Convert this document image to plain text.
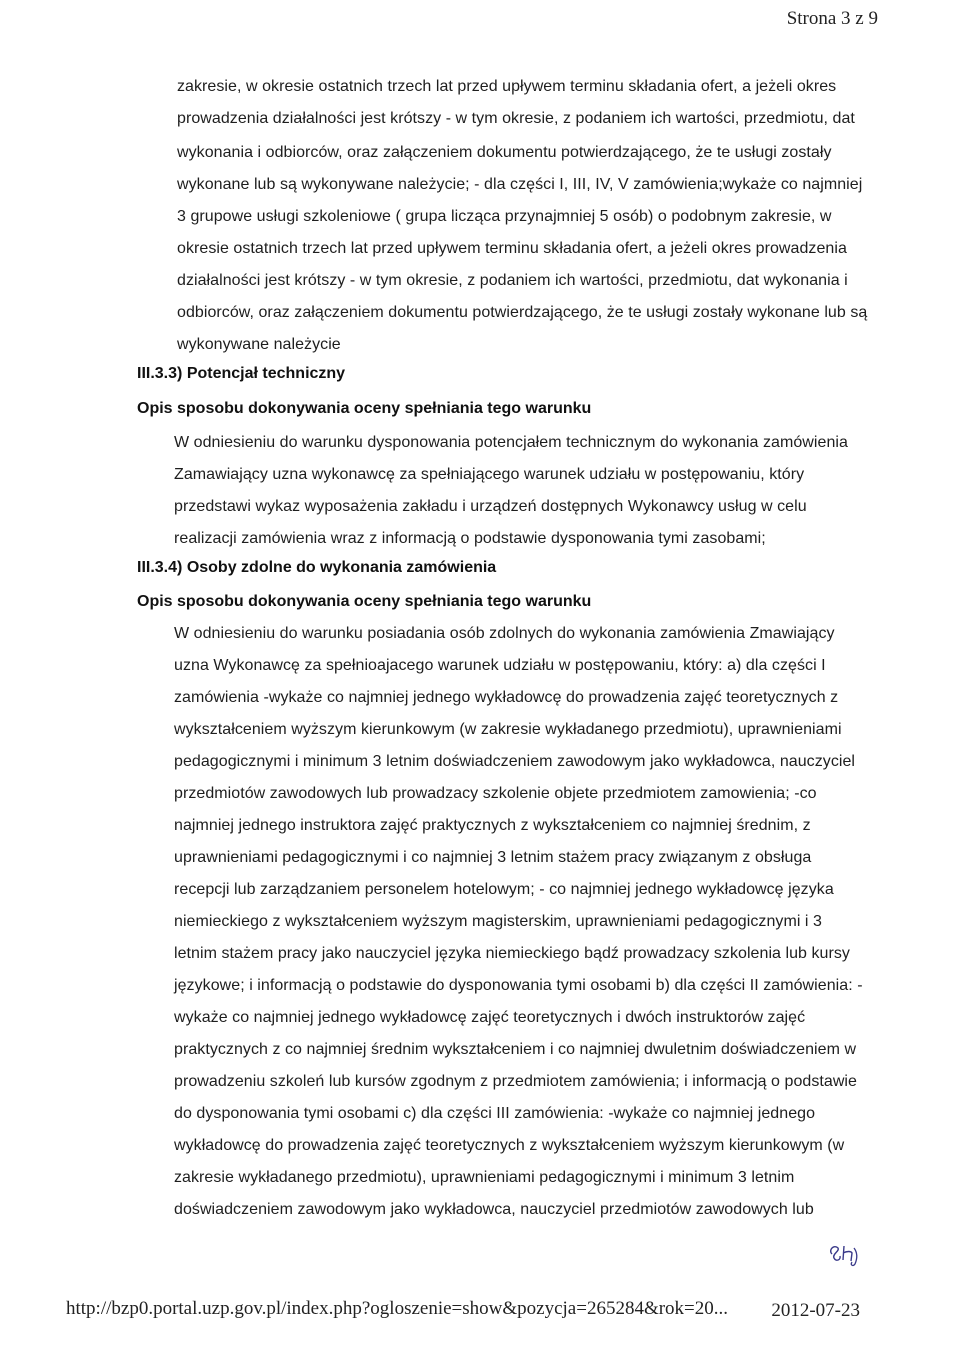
Strona 3 z 9
zakresie, w okresie ostatnich trzech lat przed upływem terminu składania ofert, a jeżeli okres
prowadzenia działalności jest krótszy - w tym okresie, z podaniem ich wartości, przedmiotu, dat
wykonania i odbiorców, oraz załączeniem dokumentu potwierdzającego, że te usługi zostały
wykonane lub są wykonywane należycie; - dla części I, III, IV, V zamówienia;wykaże co najmniej
3 grupowe usługi szkoleniowe ( grupa licząca przynajmniej 5 osób) o podobnym zakresie, w
okresie ostatnich trzech lat przed upływem terminu składania ofert, a jeżeli okres prowadzenia
działalności jest krótszy - w tym okresie, z podaniem ich wartości, przedmiotu, dat wykonania i
odbiorców, oraz załączeniem dokumentu potwierdzającego, że te usługi zostały wykonane lub są
wykonywane należycie
III.3.3) Potencjał techniczny
Opis sposobu dokonywania oceny spełniania tego warunku
W odniesieniu do warunku dysponowania potencjałem technicznym do wykonania zamówienia
Zamawiający uzna wykonawcę za spełniającego warunek udziału w postępowaniu, który
przedstawi wykaz wyposażenia zakładu i urządzeń dostępnych Wykonawcy usług w celu
realizacji zamówienia wraz z informacją o podstawie dysponowania tymi zasobami;
III.3.4) Osoby zdolne do wykonania zamówienia
Opis sposobu dokonywania oceny spełniania tego warunku
W odniesieniu do warunku posiadania osób zdolnych do wykonania zamówienia Zmawiający
uzna Wykonawcę za spełnioajacego warunek udziału w postępowaniu, który: a) dla części I
zamówienia -wykaże co najmniej jednego wykładowcę do prowadzenia zajęć teoretycznych z
wykształceniem wyższym kierunkowym (w zakresie wykładanego przedmiotu), uprawnieniami
pedagogicznymi i minimum 3 letnim doświadczeniem zawodowym jako wykładowca, nauczyciel
przedmiotów zawodowych lub prowadzacy szkolenie objete przedmiotem zamowienia; -co
najmniej jednego instruktora zajęć praktycznych z wykształceniem co najmniej średnim, z
uprawnieniami pedagogicznymi i co najmniej 3 letnim stażem pracy związanym z obsługa
recepcji lub zarządzaniem personelem hotelowym; - co najmniej jednego wykładowcę języka
niemieckiego z wykształceniem wyższym magisterskim, uprawnieniami pedagogicznymi i 3
letnim stażem pracy jako nauczyciel języka niemieckiego bądź prowadzacy szkolenia lub kursy
językowe; i informacją o podstawie do dysponowania tymi osobami b) dla części II zamówienia: -
wykaże co najmniej jednego wykładowcę zajęć teoretycznych i dwóch instruktorów zajęć
praktycznych z co najmniej średnim wykształceniem i co najmniej dwuletnim doświadczeniem w
prowadzeniu szkoleń lub kursów zgodnym z przedmiotem zamówienia; i informacją o podstawie
do dysponowania tymi osobami c) dla części III zamówienia: -wykaże co najmniej jednego
wykładowcę do prowadzenia zajęć teoretycznych z wykształceniem wyższym kierunkowym (w
zakresie wykładanego przedmiotu), uprawnieniami pedagogicznymi i minimum 3 letnim
doświadczeniem zawodowym jako wykładowca, nauczyciel przedmiotów zawodowych lub
http://bzp0.portal.uzp.gov.pl/index.php?ogloszenie=show&pozycja=265284&rok=20... 2012-07-23
